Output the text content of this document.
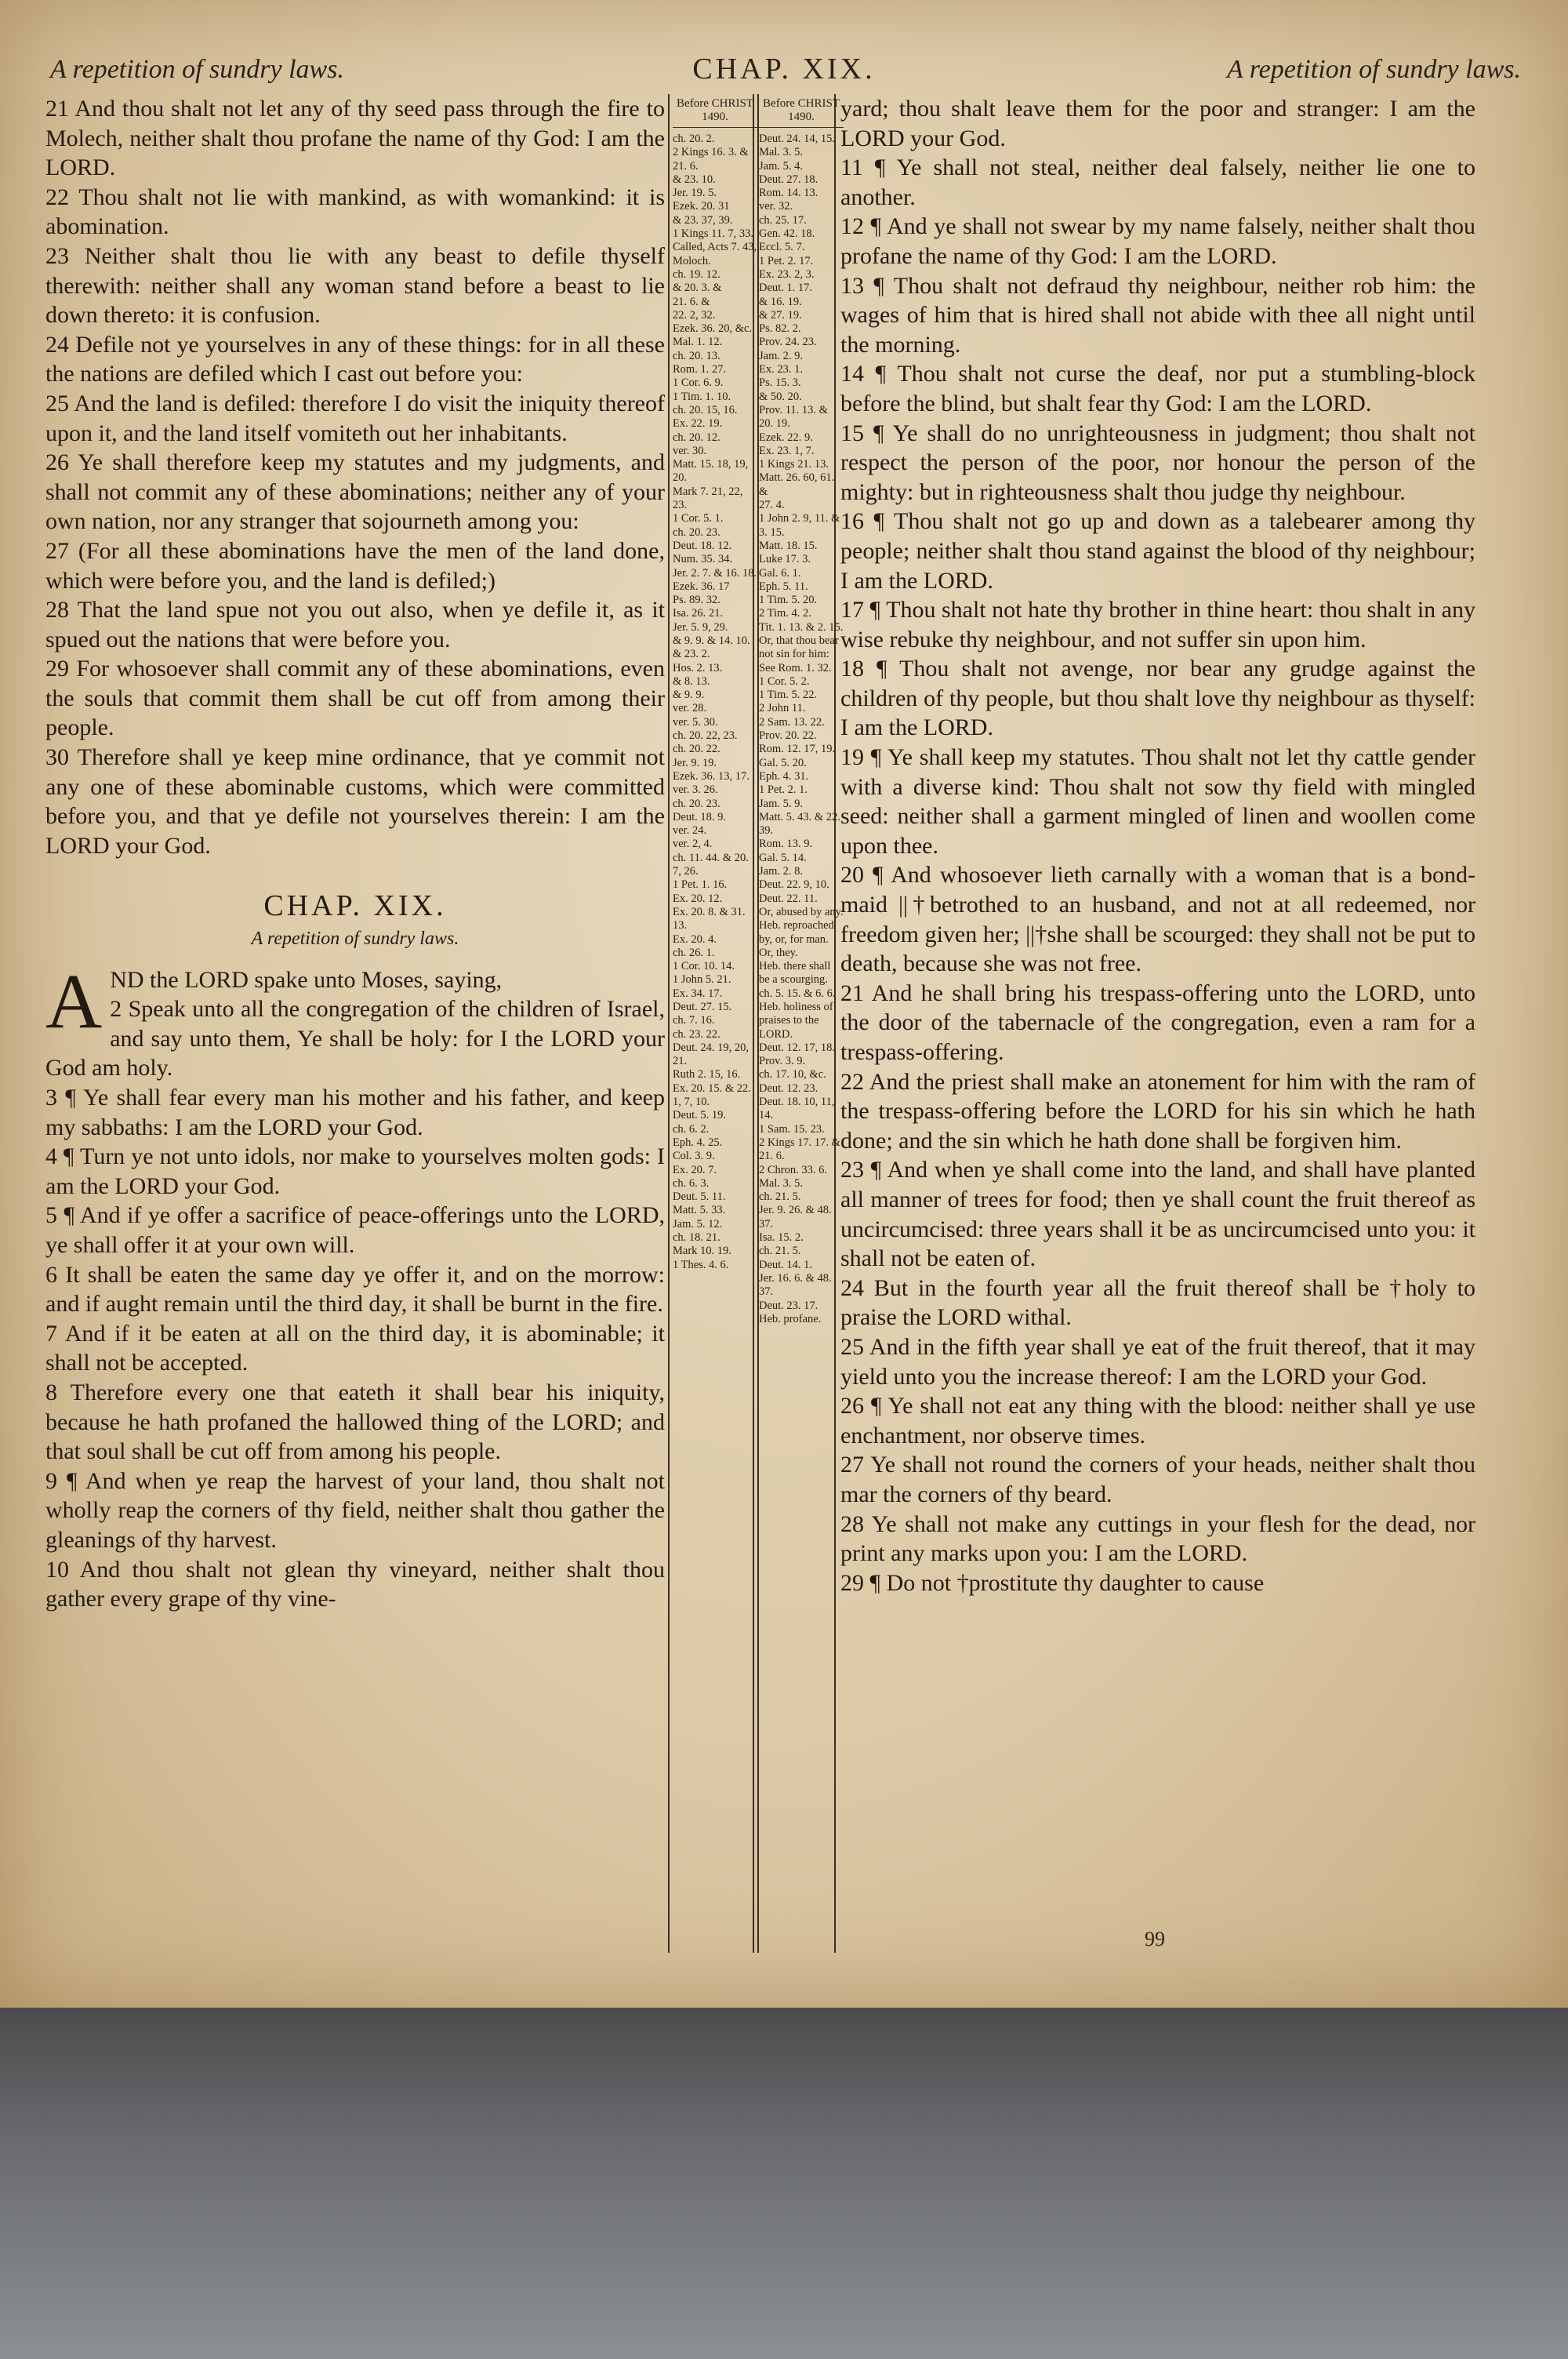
A repetition of sundry laws.	CHAP. XIX.	A repetition of sundry laws.

21 And thou shalt not let any of thy seed pass through the fire to Molech, neither shalt thou profane the name of thy God: I am the LORD.

22 Thou shalt not lie with mankind, as with womankind: it is abomination.

23 Neither shalt thou lie with any beast to defile thyself therewith: neither shall any woman stand before a beast to lie down thereto: it is confusion.

24 Defile not ye yourselves in any of these things: for in all these the nations are defiled which I cast out before you:

25 And the land is defiled: therefore I do visit the iniquity thereof upon it, and the land itself vomiteth out her inhabitants.

26 Ye shall therefore keep my statutes and my judgments, and shall not commit any of these abominations; neither any of your own nation, nor any stranger that sojourneth among you:

27 (For all these abominations have the men of the land done, which were before you, and the land is defiled;)

28 That the land spue not you out also, when ye defile it, as it spued out the nations that were before you.

29 For whosoever shall commit any of these abominations, even the souls that commit them shall be cut off from among their people.

30 Therefore shall ye keep mine ordinance, that ye commit not any one of these abominable customs, which were committed before you, and that ye defile not yourselves therein: I am the LORD your God.

CHAP. XIX.
A repetition of sundry laws.

A ND the LORD spake unto Moses, saying,

2 Speak unto all the congregation of the children of Israel, and say unto them, Ye shall be holy: for I the LORD your God am holy.

3 ¶ Ye shall fear every man his mother and his father, and keep my sabbaths: I am the LORD your God.

4 ¶ Turn ye not unto idols, nor make to yourselves molten gods: I am the LORD your God.

5 ¶ And if ye offer a sacrifice of peace-offerings unto the LORD, ye shall offer it at your own will.

6 It shall be eaten the same day ye offer it, and on the morrow: and if aught remain until the third day, it shall be burnt in the fire.

7 And if it be eaten at all on the third day, it is abominable; it shall not be accepted.

8 Therefore every one that eateth it shall bear his iniquity, because he hath profaned the hallowed thing of the LORD; and that soul shall be cut off from among his people.

9 ¶ And when ye reap the harvest of your land, thou shalt not wholly reap the corners of thy field, neither shalt thou gather the gleanings of thy harvest.

10 And thou shalt not glean thy vineyard, neither shalt thou gather every grape of thy vine-

Before CHRIST 1490.

ch. 20. 2.

2 Kings 16. 3. & 21. 6.

& 23. 10.

Jer. 19. 5.

Ezek. 20. 31

& 23. 37, 39.

1 Kings 11. 7, 33.

Called, Acts 7. 43, Moloch.

ch. 19. 12.

& 20. 3. &

21. 6. &

22. 2, 32.

Ezek. 36. 20, &c.

Mal. 1. 12.

ch. 20. 13.

Rom. 1. 27.

1 Cor. 6. 9.

1 Tim. 1. 10.

ch. 20. 15, 16.

Ex. 22. 19.

ch. 20. 12.

ver. 30.

Matt. 15. 18, 19, 20.

Mark 7. 21, 22, 23.

1 Cor. 5. 1.

ch. 20. 23.

Deut. 18. 12.

Num. 35. 34.

Jer. 2. 7. & 16. 18.

Ezek. 36. 17

Ps. 89. 32.

Isa. 26. 21.

Jer. 5. 9, 29.

& 9. 9. & 14. 10. & 23. 2.

Hos. 2. 13.

& 8. 13.

& 9. 9.

ver. 28.

ver. 5. 30.

ch. 20. 22, 23.

ch. 20. 22.

Jer. 9. 19.

Ezek. 36. 13, 17.

ver. 3. 26.

ch. 20. 23.

Deut. 18. 9.

ver. 24.

ver. 2, 4.

ch. 11. 44. & 20. 7, 26.

1 Pet. 1. 16.

Ex. 20. 12.

Ex. 20. 8. & 31. 13.

Ex. 20. 4.

ch. 26. 1.

1 Cor. 10. 14.

1 John 5. 21.

Ex. 34. 17.

Deut. 27. 15.

ch. 7. 16.

ch. 23. 22.

Deut. 24. 19, 20, 21.

Ruth 2. 15, 16.

Ex. 20. 15. & 22. 1, 7, 10.

Deut. 5. 19.

ch. 6. 2.

Eph. 4. 25.

Col. 3. 9.

Ex. 20. 7.

ch. 6. 3.

Deut. 5. 11.

Matt. 5. 33.

Jam. 5. 12.

ch. 18. 21.

Mark 10. 19.

1 Thes. 4. 6.

Before CHRIST 1490.

Deut. 24. 14, 15.

Mal. 3. 5.

Jam. 5. 4.

Deut. 27. 18.

Rom. 14. 13.

ver. 32.

ch. 25. 17.

Gen. 42. 18.

Eccl. 5. 7.

1 Pet. 2. 17.

Ex. 23. 2, 3.

Deut. 1. 17.

& 16. 19.

& 27. 19.

Ps. 82. 2.

Prov. 24. 23.

Jam. 2. 9.

Ex. 23. 1.

Ps. 15. 3.

& 50. 20.

Prov. 11. 13. & 20. 19.

Ezek. 22. 9.

Ex. 23. 1, 7.

1 Kings 21. 13.

Matt. 26. 60, 61. &

27. 4.

1 John 2. 9, 11. & 3. 15.

Matt. 18. 15.

Luke 17. 3.

Gal. 6. 1.

Eph. 5. 11.

1 Tim. 5. 20.

2 Tim. 4. 2.

Tit. 1. 13. & 2. 15.

Or, that thou bear not sin for him:

See Rom. 1. 32.

1 Cor. 5. 2.

1 Tim. 5. 22.

2 John 11.

2 Sam. 13. 22.

Prov. 20. 22.

Rom. 12. 17, 19.

Gal. 5. 20.

Eph. 4. 31.

1 Pet. 2. 1.

Jam. 5. 9.

Matt. 5. 43. & 22. 39.

Rom. 13. 9.

Gal. 5. 14.

Jam. 2. 8.

Deut. 22. 9, 10.

Deut. 22. 11.

Or, abused by any.

Heb. reproached by, or, for man.

Or, they.

Heb. there shall be a scourging.

ch. 5. 15. & 6. 6.

Heb. holiness of praises to the LORD.

Deut. 12. 17, 18.

Prov. 3. 9.

ch. 17. 10, &c.

Deut. 12. 23.

Deut. 18. 10, 11, 14.

1 Sam. 15. 23.

2 Kings 17. 17. & 21. 6.

2 Chron. 33. 6.

Mal. 3. 5.

ch. 21. 5.

Jer. 9. 26. & 48. 37.

Isa. 15. 2.

ch. 21. 5.

Deut. 14. 1.

Jer. 16. 6. & 48. 37.

Deut. 23. 17.

Heb. profane.

yard; thou shalt leave them for the poor and stranger: I am the LORD your God.

11 ¶ Ye shall not steal, neither deal falsely, neither lie one to another.

12 ¶ And ye shall not swear by my name falsely, neither shalt thou profane the name of thy God: I am the LORD.

13 ¶ Thou shalt not defraud thy neighbour, neither rob him: the wages of him that is hired shall not abide with thee all night until the morning.

14 ¶ Thou shalt not curse the deaf, nor put a stumbling-block before the blind, but shalt fear thy God: I am the LORD.

15 ¶ Ye shall do no unrighteousness in judgment; thou shalt not respect the person of the poor, nor honour the person of the mighty: but in righteousness shalt thou judge thy neighbour.

16 ¶ Thou shalt not go up and down as a talebearer among thy people; neither shalt thou stand against the blood of thy neighbour; I am the LORD.

17 ¶ Thou shalt not hate thy brother in thine heart: thou shalt in any wise rebuke thy neighbour, and not suffer sin upon him.

18 ¶ Thou shalt not avenge, nor bear any grudge against the children of thy people, but thou shalt love thy neighbour as thyself: I am the LORD.

19 ¶ Ye shall keep my statutes. Thou shalt not let thy cattle gender with a diverse kind: Thou shalt not sow thy field with mingled seed: neither shall a garment mingled of linen and woollen come upon thee.

20 ¶ And whosoever lieth carnally with a woman that is a bond-maid ||†betrothed to an husband, and not at all redeemed, nor freedom given her; ||†she shall be scourged: they shall not be put to death, because she was not free.

21 And he shall bring his trespass-offering unto the LORD, unto the door of the tabernacle of the congregation, even a ram for a trespass-offering.

22 And the priest shall make an atonement for him with the ram of the trespass-offering before the LORD for his sin which he hath done; and the sin which he hath done shall be forgiven him.

23 ¶ And when ye shall come into the land, and shall have planted all manner of trees for food; then ye shall count the fruit thereof as uncircumcised: three years shall it be as uncircumcised unto you: it shall not be eaten of.

24 But in the fourth year all the fruit thereof shall be †holy to praise the LORD withal.

25 And in the fifth year shall ye eat of the fruit thereof, that it may yield unto you the increase thereof: I am the LORD your God.

26 ¶ Ye shall not eat any thing with the blood: neither shall ye use enchantment, nor observe times.

27 Ye shall not round the corners of your heads, neither shalt thou mar the corners of thy beard.

28 Ye shall not make any cuttings in your flesh for the dead, nor print any marks upon you: I am the LORD.

29 ¶ Do not †prostitute thy daughter to cause

99
